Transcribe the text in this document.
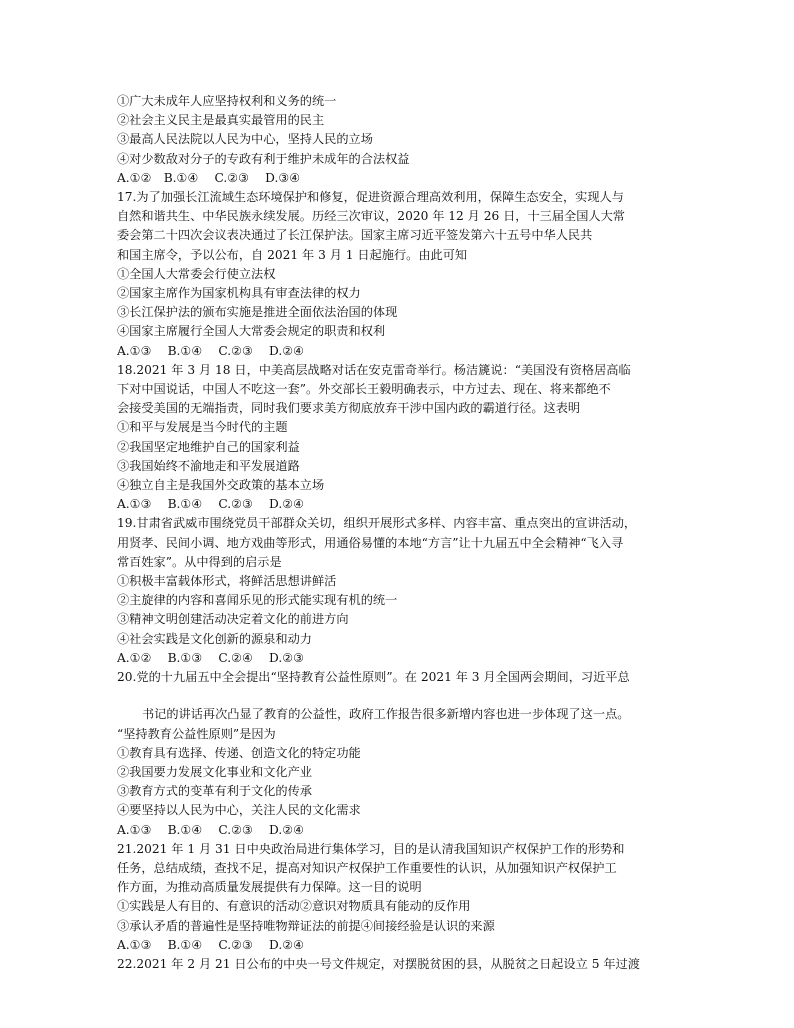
①广大未成年人应坚持权利和义务的统一
②社会主义民主是最真实最管用的民主
③最高人民法院以人民为中心，坚持人民的立场
④对少数敌对分子的专政有利于维护未成年的合法权益
A.①②　B.①④　 C.②③　 D.③④
17.为了加强长江流域生态环境保护和修复，促进资源合理高效利用，保障生态安全，实现人与
自然和谐共生、中华民族永续发展。历经三次审议，2020 年 12 月 26 日，十三届全国人大常
委会第二十四次会议表决通过了长江保护法。国家主席习近平签发第六十五号中华人民共
和国主席令，予以公布，自 2021 年 3 月 1 日起施行。由此可知
①全国人大常委会行使立法权
②国家主席作为国家机构具有审查法律的权力
③长江保护法的颁布实施是推进全面依法治国的体现
④国家主席履行全国人大常委会规定的职责和权利
A.①③　 B.①④　 C.②③　 D.②④
18.2021 年 3 月 18 日，中美高层战略对话在安克雷奇举行。杨洁篪说：“美国没有资格居高临
下对中国说话，中国人不吃这一套”。外交部长王毅明确表示，中方过去、现在、将来都绝不
会接受美国的无端指责，同时我们要求美方彻底放弃干涉中国内政的霸道行径。这表明
①和平与发展是当今时代的主题
②我国坚定地维护自己的国家利益
③我国始终不渝地走和平发展道路
④独立自主是我国外交政策的基本立场
A.①③　 B.①④　 C.②③　 D.②④
19.甘肃省武威市围绕党员干部群众关切，组织开展形式多样、内容丰富、重点突出的宣讲活动，
用贤孝、民间小调、地方戏曲等形式，用通俗易懂的本地“方言”让十九届五中全会精神“飞入寻
常百姓家”。从中得到的启示是
①积极丰富载体形式，将鲜活思想讲鲜活
②主旋律的内容和喜闻乐见的形式能实现有机的统一
③精神文明创建活动决定着文化的前进方向
④社会实践是文化创新的源泉和动力
A.①②　 B.①③　 C.②④　 D.②③
20.党的十九届五中全会提出“坚持教育公益性原则”。在 2021 年 3 月全国两会期间，习近平总
书记的讲话再次凸显了教育的公益性，政府工作报告很多新增内容也进一步体现了这一点。
“坚持教育公益性原则”是因为
①教育具有选择、传递、创造文化的特定功能
②我国要力发展文化事业和文化产业
③教育方式的变革有利于文化的传承
④要坚持以人民为中心，关注人民的文化需求
A.①③　 B.①④　 C.②③　 D.②④
21.2021 年 1 月 31 日中央政治局进行集体学习，目的是认清我国知识产权保护工作的形势和
任务，总结成绩，查找不足，提高对知识产权保护工作重要性的认识，从加强知识产权保护工
作方面，为推动高质量发展提供有力保障。这一目的说明
①实践是人有目的、有意识的活动②意识对物质具有能动的反作用
③承认矛盾的普遍性是坚持唯物辩证法的前提④间接经验是认识的来源
A.①③　 B.①④　 C.②③　 D.②④
22.2021 年 2 月 21 日公布的中央一号文件规定，对摆脱贫困的县，从脱贫之日起设立 5 年过渡
